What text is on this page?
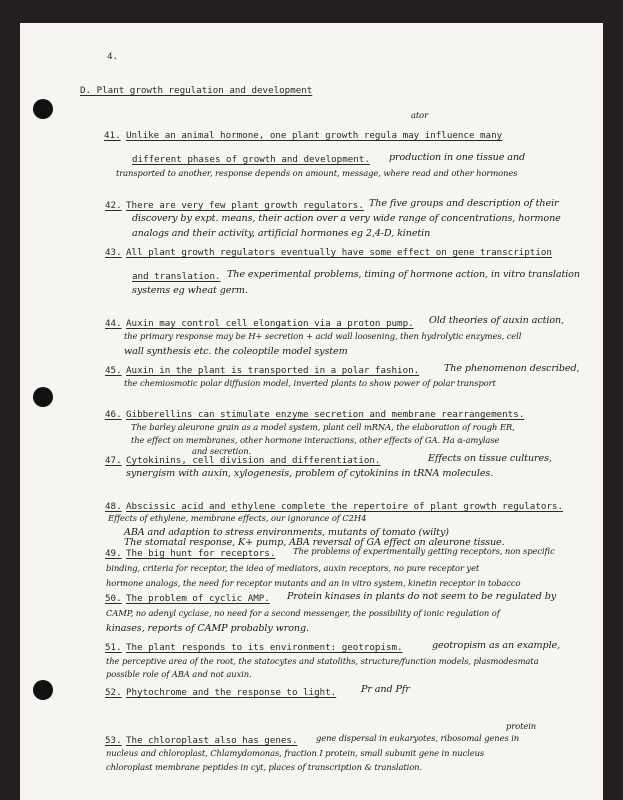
4.
D. Plant growth regulation and development
ator
41. Unlike an animal hormone, one plant growth regula may influence many
different phases of growth and development. production in one tissue and
transported to another, response depends on amount, message, where read and other hormones
42. There are very few plant growth regulators. The five groups and description of their
discovery by expt. means, their action over a very wide range of concentrations, hormone
analogs and their activity, artificial hormones eg 2,4-D, kinetin
43. All plant growth regulators eventually have some effect on gene transcription
and translation. The experimental problems, timing of hormone action, in vitro translation
systems eg wheat germ.
44. Auxin may control cell elongation via a proton pump. Old theories of auxin action,
the primary response may be H+ secretion + acid wall loosening, then hydrolytic enzymes, cell
wall synthesis etc. the coleoptile model system
45. Auxin in the plant is transported in a polar fashion.	The phenomenon described,
the chemiosmotic polar diffusion model, inverted plants to show power of polar transport
46. Gibberellins can stimulate enzyme secretion and membrane rearrangements.
The barley aleurone grain as a model system, plant cell mRNA, the elaboration of rough ER,
the effect on membranes, other hormone interactions, other effects of GA. Ha α-amylase
and secretion.
47. Cytokinins, cell division and differentiation.	Effects on tissue cultures,
synergism with auxin, xylogenesis, problem of cytokinins in tRNA molecules.
48. Abscissic acid and ethylene complete the repertoire of plant growth regulators.
Effects of ethylene, membrane effects, our ignorance of C2H4
ABA and adaption to stress environments, mutants of tomato (wilty)
The stomatal response, K+ pump, ABA reversal of GA effect on aleurone tissue.
49. The big hunt for receptors. The problems of experimentally getting receptors, non specific
binding, criteria for receptor, the idea of mediators, auxin receptors, no pure receptor yet
hormone analogs, the need for receptor mutants and an in vitro system, kinetin receptor in tobacco
50. The problem of cyclic AMP. Protein kinases in plants do not seem to be regulated by
CAMP, no adenyl cyclase, no need for a second messenger, the possibility of ionic regulation of
kinases, reports of CAMP probably wrong.
51. The plant responds to its environment: geotropism.	geotropism as an example,
the perceptive area of the root, the statocytes and statoliths, structure/function models, plasmodesmata
possible role of ABA and not auxin.
52. Phytochrome and the response to light.	Pr and Pfr
protein
53. The chloroplast also has genes. gene dispersal in eukaryotes, ribosomal genes in
nucleus and chloroplast, Chlamydomonas, fraction I protein, small subunit gene in nucleus
chloroplast membrane peptides in cyt, places of transcription & translation.
